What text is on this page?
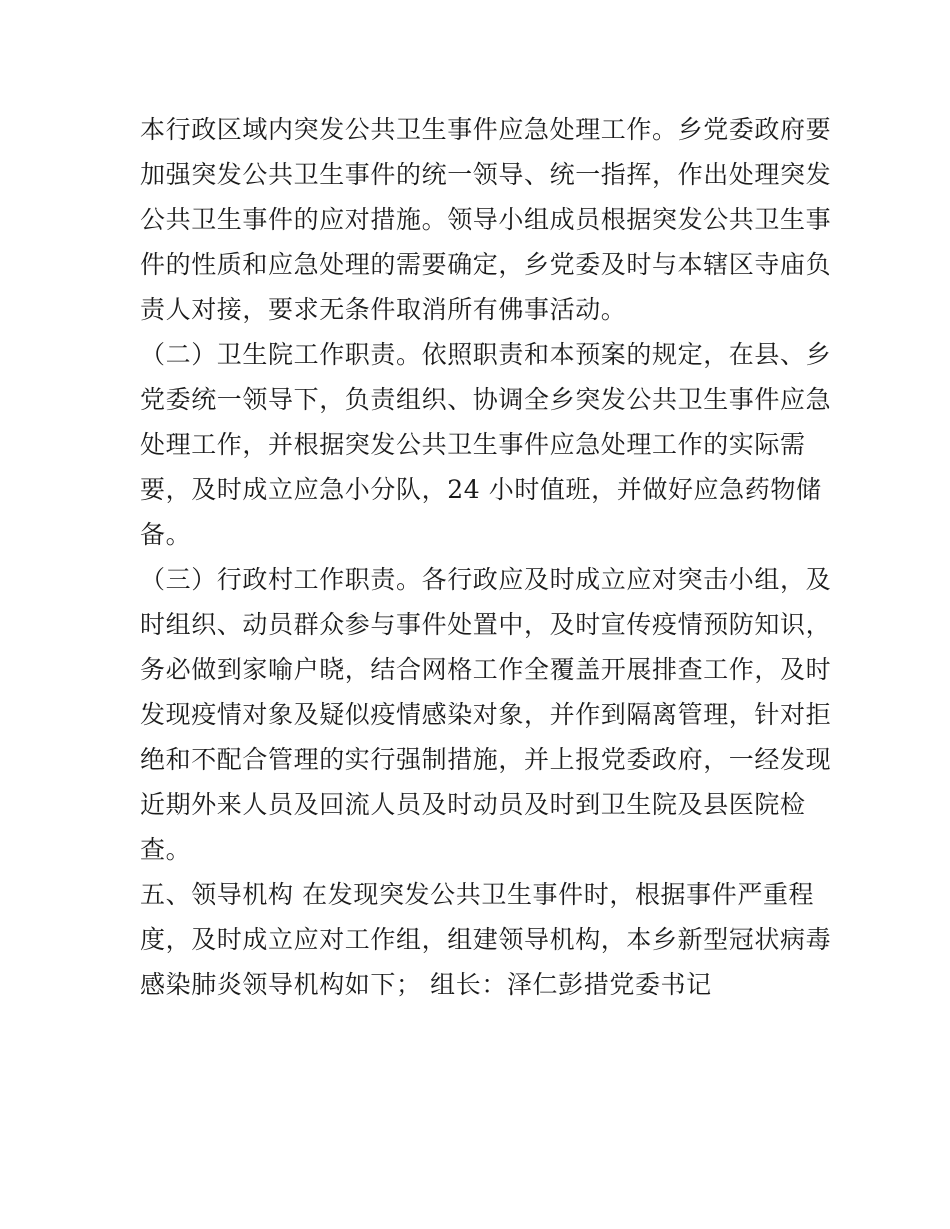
本行政区域内突发公共卫生事件应急处理工作。乡党委政府要
加强突发公共卫生事件的统一领导、统一指挥，作出处理突发
公共卫生事件的应对措施。领导小组成员根据突发公共卫生事
件的性质和应急处理的需要确定，乡党委及时与本辖区寺庙负
责人对接，要求无条件取消所有佛事活动。
（二）卫生院工作职责。依照职责和本预案的规定，在县、乡
党委统一领导下，负责组织、协调全乡突发公共卫生事件应急
处理工作，并根据突发公共卫生事件应急处理工作的实际需
要，及时成立应急小分队，24 小时值班，并做好应急药物储
备。
（三）行政村工作职责。各行政应及时成立应对突击小组，及
时组织、动员群众参与事件处置中，及时宣传疫情预防知识，
务必做到家喻户晓，结合网格工作全覆盖开展排查工作，及时
发现疫情对象及疑似疫情感染对象，并作到隔离管理，针对拒
绝和不配合管理的实行强制措施，并上报党委政府，一经发现
近期外来人员及回流人员及时动员及时到卫生院及县医院检
查。
五、领导机构 在发现突发公共卫生事件时，根据事件严重程
度，及时成立应对工作组，组建领导机构，本乡新型冠状病毒
感染肺炎领导机构如下； 组长：泽仁彭措党委书记
